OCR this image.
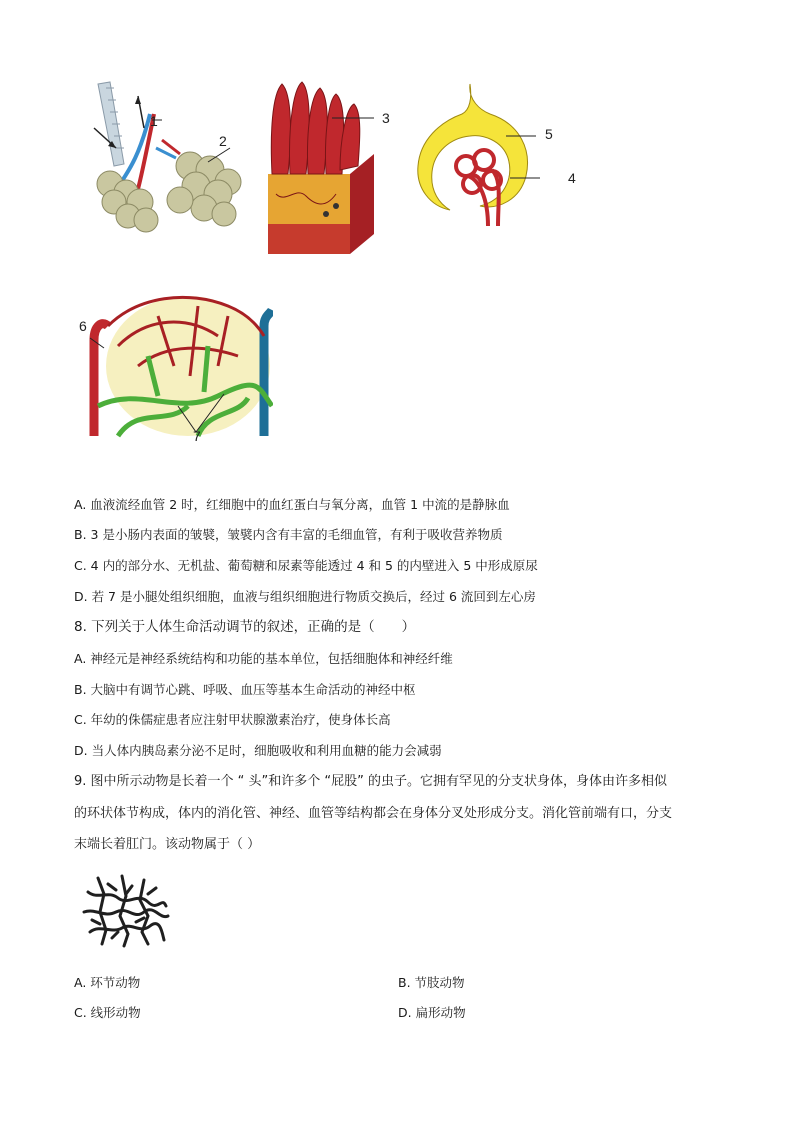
1
2
3
5
4
6
7
A. 血液流经血管 2 时，红细胞中的血红蛋白与氧分离，血管 1 中流的是静脉血
B. 3 是小肠内表面的皱襞，皱襞内含有丰富的毛细血管，有利于吸收营养物质
C. 4 内的部分水、无机盐、葡萄糖和尿素等能透过 4 和 5 的内壁进入 5 中形成原尿
D. 若 7 是小腿处组织细胞，血液与组织细胞进行物质交换后，经过 6 流回到左心房
8. 下列关于人体生命活动调节的叙述，正确的是（　　）
A. 神经元是神经系统结构和功能的基本单位，包括细胞体和神经纤维
B. 大脑中有调节心跳、呼吸、血压等基本生命活动的神经中枢
C. 年幼的侏儒症患者应注射甲状腺激素治疗，使身体长高
D. 当人体内胰岛素分泌不足时，细胞吸收和利用血糖的能力会减弱
9. 图中所示动物是长着一个 “ 头”和许多个 “屁股” 的虫子。它拥有罕见的分支状身体，身体由许多相似
的环状体节构成，体内的消化管、神经、血管等结构都会在身体分叉处形成分支。消化管前端有口，分支
末端长着肛门。该动物属于（ ）
A. 环节动物	B. 节肢动物
C. 线形动物	D. 扁形动物
